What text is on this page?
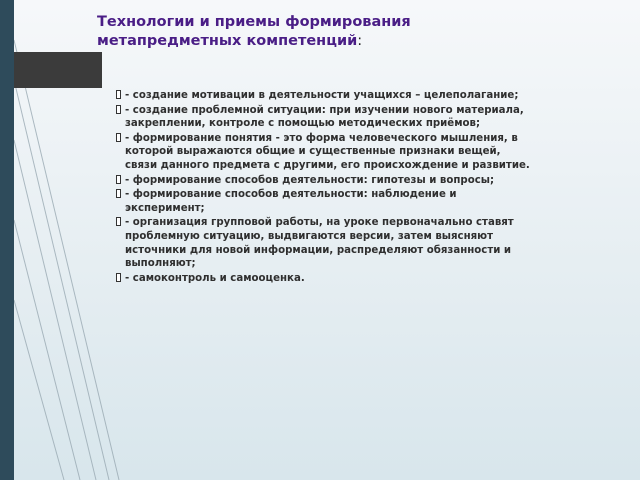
Технологии и приемы формирования
метапредметных компетенций:
- создание мотивации в деятельности учащихся – целеполагание;
- создание проблемной ситуации: при изучении нового материала, закреплении, контроле с помощью методических приёмов;
- формирование понятия - это форма человеческого мышления, в которой выражаются общие и существенные признаки вещей, связи данного предмета с другими, его происхождение и развитие.
- формирование способов деятельности: гипотезы и вопросы;
- формирование способов деятельности: наблюдение и эксперимент;
- организация групповой работы, на уроке первоначально ставят проблемную ситуацию, выдвигаются версии, затем выясняют источники для новой информации, распределяют обязанности и выполняют;
- самоконтроль и самооценка.
